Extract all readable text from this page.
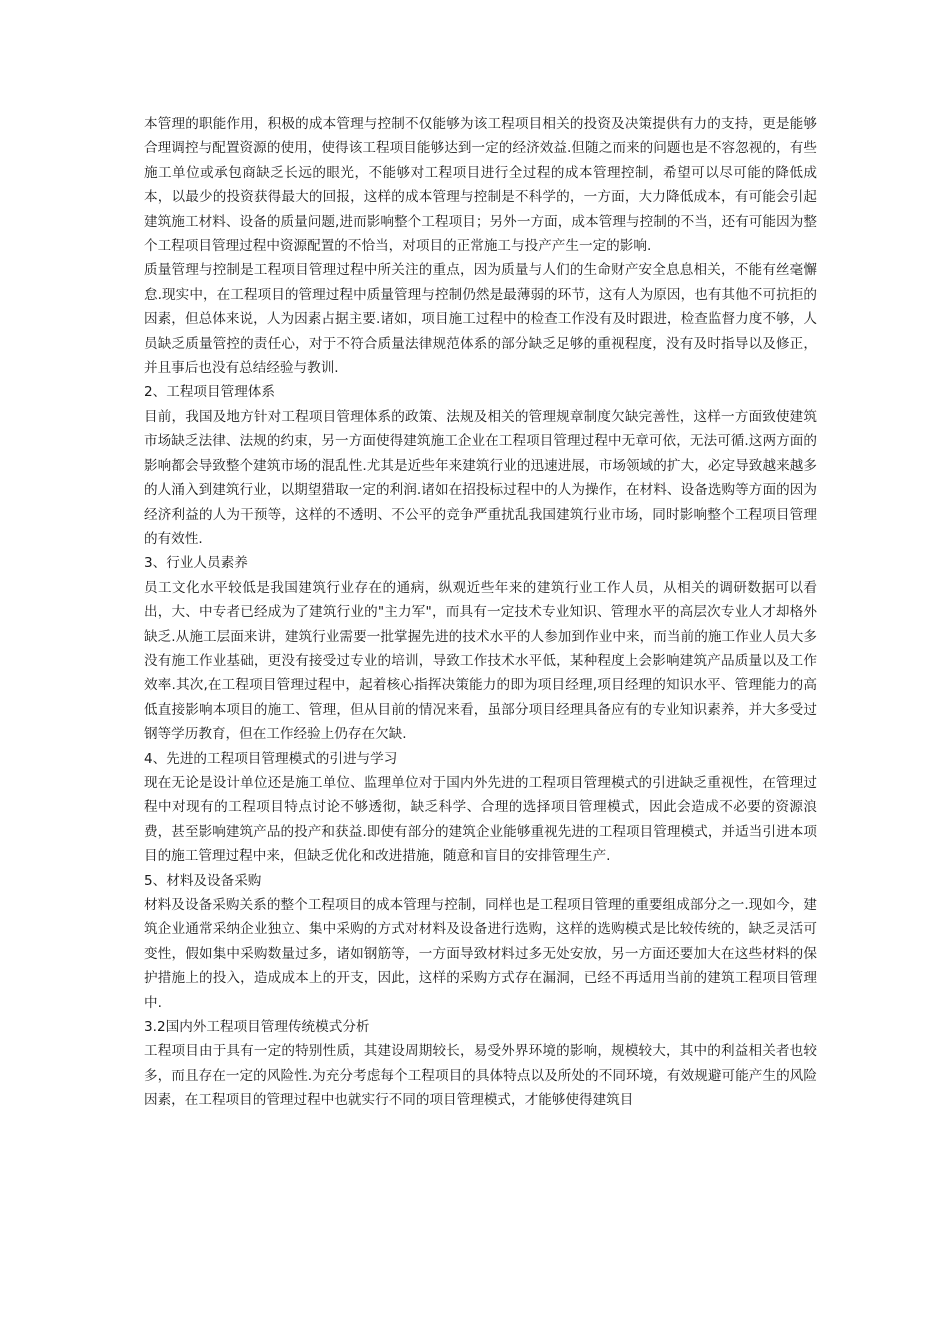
本管理的职能作用，积极的成本管理与控制不仅能够为该工程项目相关的投资及决策提供有力的支持，更是能够合理调控与配置资源的使用，使得该工程项目能够达到一定的经济效益.但随之而来的问题也是不容忽视的，有些施工单位或承包商缺乏长远的眼光，不能够对工程项目进行全过程的成本管理控制，希望可以尽可能的降低成本，以最少的投资获得最大的回报，这样的成本管理与控制是不科学的，一方面，大力降低成本，有可能会引起建筑施工材料、设备的质量问题,进而影响整个工程项目；另外一方面，成本管理与控制的不当，还有可能因为整个工程项目管理过程中资源配置的不恰当，对项目的正常施工与投产产生一定的影响.

质量管理与控制是工程项目管理过程中所关注的重点，因为质量与人们的生命财产安全息息相关，不能有丝毫懈怠.现实中，在工程项目的管理过程中质量管理与控制仍然是最薄弱的环节，这有人为原因，也有其他不可抗拒的因素，但总体来说，人为因素占据主要.诸如，项目施工过程中的检查工作没有及时跟进，检查监督力度不够，人员缺乏质量管控的责任心，对于不符合质量法律规范体系的部分缺乏足够的重视程度，没有及时指导以及修正，并且事后也没有总结经验与教训.

2、工程项目管理体系

目前，我国及地方针对工程项目管理体系的政策、法规及相关的管理规章制度欠缺完善性，这样一方面致使建筑市场缺乏法律、法规的约束，另一方面使得建筑施工企业在工程项目管理过程中无章可依，无法可循.这两方面的影响都会导致整个建筑市场的混乱性.尤其是近些年来建筑行业的迅速进展，市场领域的扩大，必定导致越来越多的人涌入到建筑行业，以期望猎取一定的利润.诸如在招投标过程中的人为操作，在材料、设备选购等方面的因为经济利益的人为干预等，这样的不透明、不公平的竞争严重扰乱我国建筑行业市场，同时影响整个工程项目管理的有效性.

3、行业人员素养

员工文化水平较低是我国建筑行业存在的通病，纵观近些年来的建筑行业工作人员，从相关的调研数据可以看出，大、中专者已经成为了建筑行业的"主力军"，而具有一定技术专业知识、管理水平的高层次专业人才却格外缺乏.从施工层面来讲，建筑行业需要一批掌握先进的技术水平的人参加到作业中来，而当前的施工作业人员大多没有施工作业基础，更没有接受过专业的培训，导致工作技术水平低，某种程度上会影响建筑产品质量以及工作效率.其次,在工程项目管理过程中，起着核心指挥决策能力的即为项目经理,项目经理的知识水平、管理能力的高低直接影响本项目的施工、管理，但从目前的情况来看，虽部分项目经理具备应有的专业知识素养，并大多受过钢等学历教育，但在工作经验上仍存在欠缺.

4、先进的工程项目管理模式的引进与学习

现在无论是设计单位还是施工单位、监理单位对于国内外先进的工程项目管理模式的引进缺乏重视性，在管理过程中对现有的工程项目特点讨论不够透彻，缺乏科学、合理的选择项目管理模式，因此会造成不必要的资源浪费，甚至影响建筑产品的投产和获益.即使有部分的建筑企业能够重视先进的工程项目管理模式，并适当引进本项目的施工管理过程中来，但缺乏优化和改进措施，随意和盲目的安排管理生产.

5、材料及设备采购

材料及设备采购关系的整个工程项目的成本管理与控制，同样也是工程项目管理的重要组成部分之一.现如今，建筑企业通常采纳企业独立、集中采购的方式对材料及设备进行选购，这样的选购模式是比较传统的，缺乏灵活可变性，假如集中采购数量过多，诸如钢筋等，一方面导致材料过多无处安放，另一方面还要加大在这些材料的保护措施上的投入，造成成本上的开支，因此，这样的采购方式存在漏洞，已经不再适用当前的建筑工程项目管理中.

3.2国内外工程项目管理传统模式分析

工程项目由于具有一定的特别性质，其建设周期较长，易受外界环境的影响，规模较大，其中的利益相关者也较多，而且存在一定的风险性.为充分考虑每个工程项目的具体特点以及所处的不同环境，有效规避可能产生的风险因素，在工程项目的管理过程中也就实行不同的项目管理模式，才能够使得建筑目
